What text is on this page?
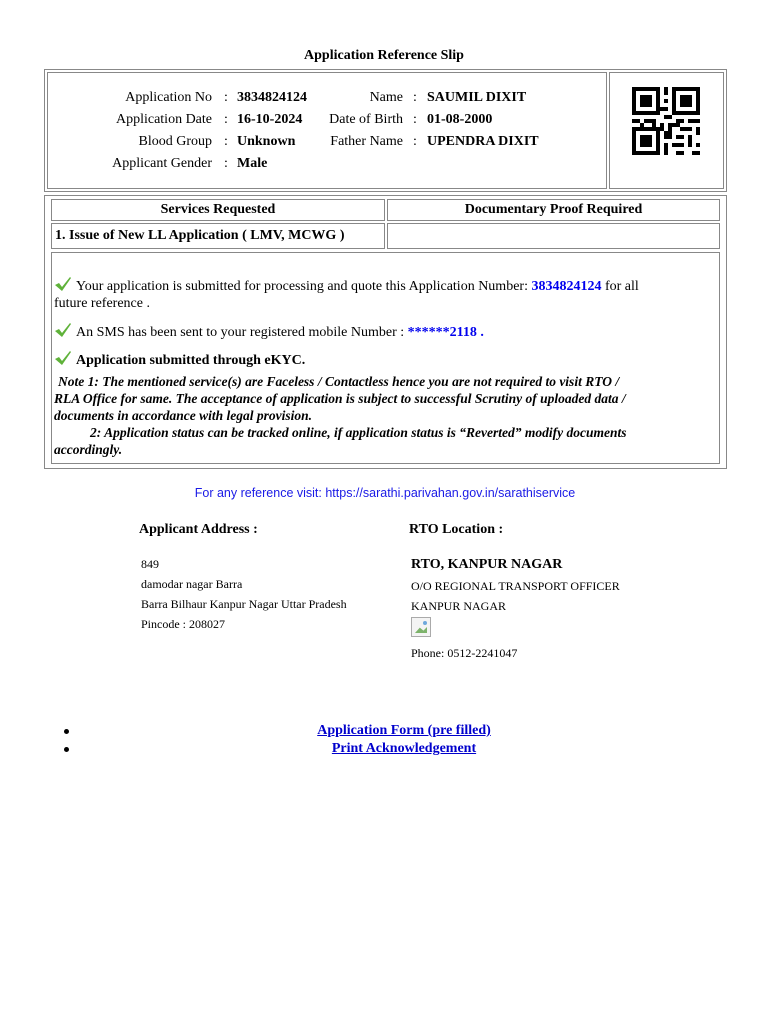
Application Reference Slip
Application No : 3834824124
Application Date : 16-10-2024
Blood Group : Unknown
Applicant Gender : Male
Name : SAUMIL DIXIT
Date of Birth : 01-08-2000
Father Name : UPENDRA DIXIT
Services Requested	Documentary Proof Required
1. Issue of New LL Application ( LMV, MCWG )
Your application is submitted for processing and quote this Application Number: 3834824124 for all
future reference .
An SMS has been sent to your registered mobile Number : ******2118 .
Application submitted through eKYC.
Note 1: The mentioned service(s) are Faceless / Contactless hence you are not required to visit RTO /
RLA Office for same. The acceptance of application is subject to successful Scrutiny of uploaded data /
documents in accordance with legal provision.
2: Application status can be tracked online, if application status is “Reverted” modify documents
accordingly.
For any reference visit: https://sarathi.parivahan.gov.in/sarathiservice
Applicant Address :
849
damodar nagar Barra
Barra Bilhaur Kanpur Nagar Uttar Pradesh
Pincode : 208027
RTO Location :
RTO, KANPUR NAGAR
O/O REGIONAL TRANSPORT OFFICER
KANPUR NAGAR
Phone: 0512-2241047
Application Form (pre filled)
Print Acknowledgement
